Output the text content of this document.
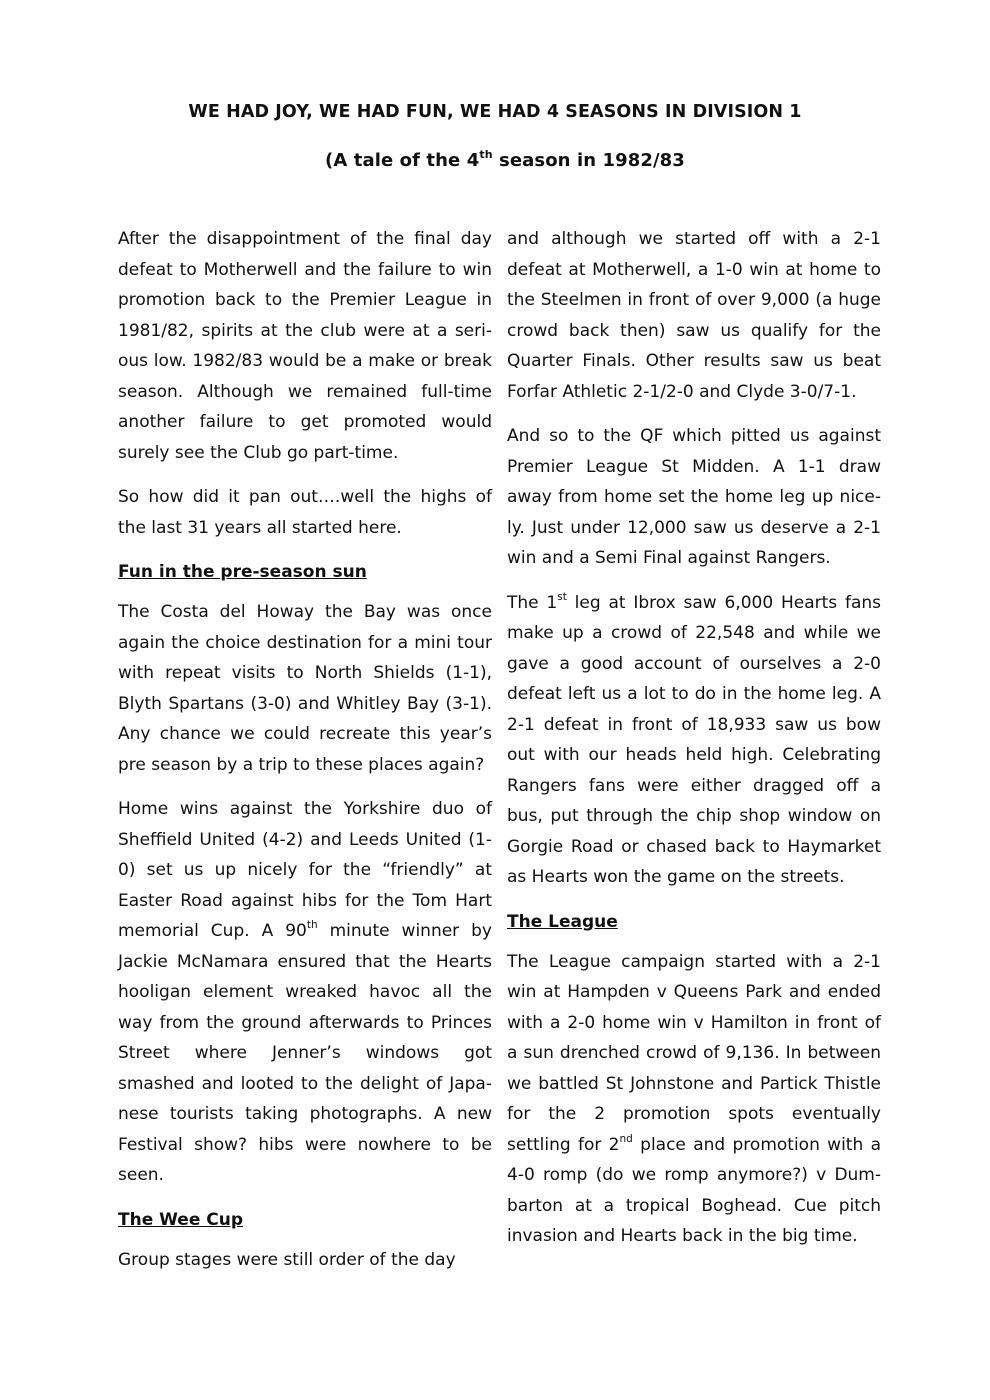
WE HAD JOY, WE HAD FUN, WE HAD 4 SEASONS IN DIVISION 1
(A tale of the 4th season in 1982/83

After the disappointment of the final day defeat to Motherwell and the failure to win promotion back to the Premier League in 1981/82, spirits at the club were at a seri-ous low. 1982/83 would be a make or break season. Although we remained full-time another failure to get promoted would surely see the Club go part-time.

So how did it pan out….well the highs of the last 31 years all started here.

Fun in the pre-season sun

The Costa del Howay the Bay was once again the choice destination for a mini tour with repeat visits to North Shields (1-1), Blyth Spartans (3-0) and Whitley Bay (3-1). Any chance we could recreate this year’s pre season by a trip to these places again?

Home wins against the Yorkshire duo of Sheffield United (4-2) and Leeds United (1-0) set us up nicely for the “friendly” at Easter Road against hibs for the Tom Hart memorial Cup. A 90th minute winner by Jackie McNamara ensured that the Hearts hooligan element wreaked havoc all the way from the ground afterwards to Princes Street where Jenner’s windows got smashed and looted to the delight of Japa-nese tourists taking photographs. A new Festival show? hibs were nowhere to be seen.

The Wee Cup

Group stages were still order of the day

and although we started off with a 2-1 defeat at Motherwell, a 1-0 win at home to the Steelmen in front of over 9,000 (a huge crowd back then) saw us qualify for the Quarter Finals. Other results saw us beat Forfar Athletic 2-1/2-0 and Clyde 3-0/7-1.

And so to the QF which pitted us against Premier League St Midden. A 1-1 draw away from home set the home leg up nice-ly. Just under 12,000 saw us deserve a 2-1 win and a Semi Final against Rangers.

The 1st leg at Ibrox saw 6,000 Hearts fans make up a crowd of 22,548 and while we gave a good account of ourselves a 2-0 defeat left us a lot to do in the home leg. A 2-1 defeat in front of 18,933 saw us bow out with our heads held high. Celebrating Rangers fans were either dragged off a bus, put through the chip shop window on Gorgie Road or chased back to Haymarket as Hearts won the game on the streets.

The League

The League campaign started with a 2-1 win at Hampden v Queens Park and ended with a 2-0 home win v Hamilton in front of a sun drenched crowd of 9,136. In between we battled St Johnstone and Partick Thistle for the 2 promotion spots eventually settling for 2nd place and promotion with a 4-0 romp (do we romp anymore?) v Dum-barton at a tropical Boghead. Cue pitch invasion and Hearts back in the big time.
